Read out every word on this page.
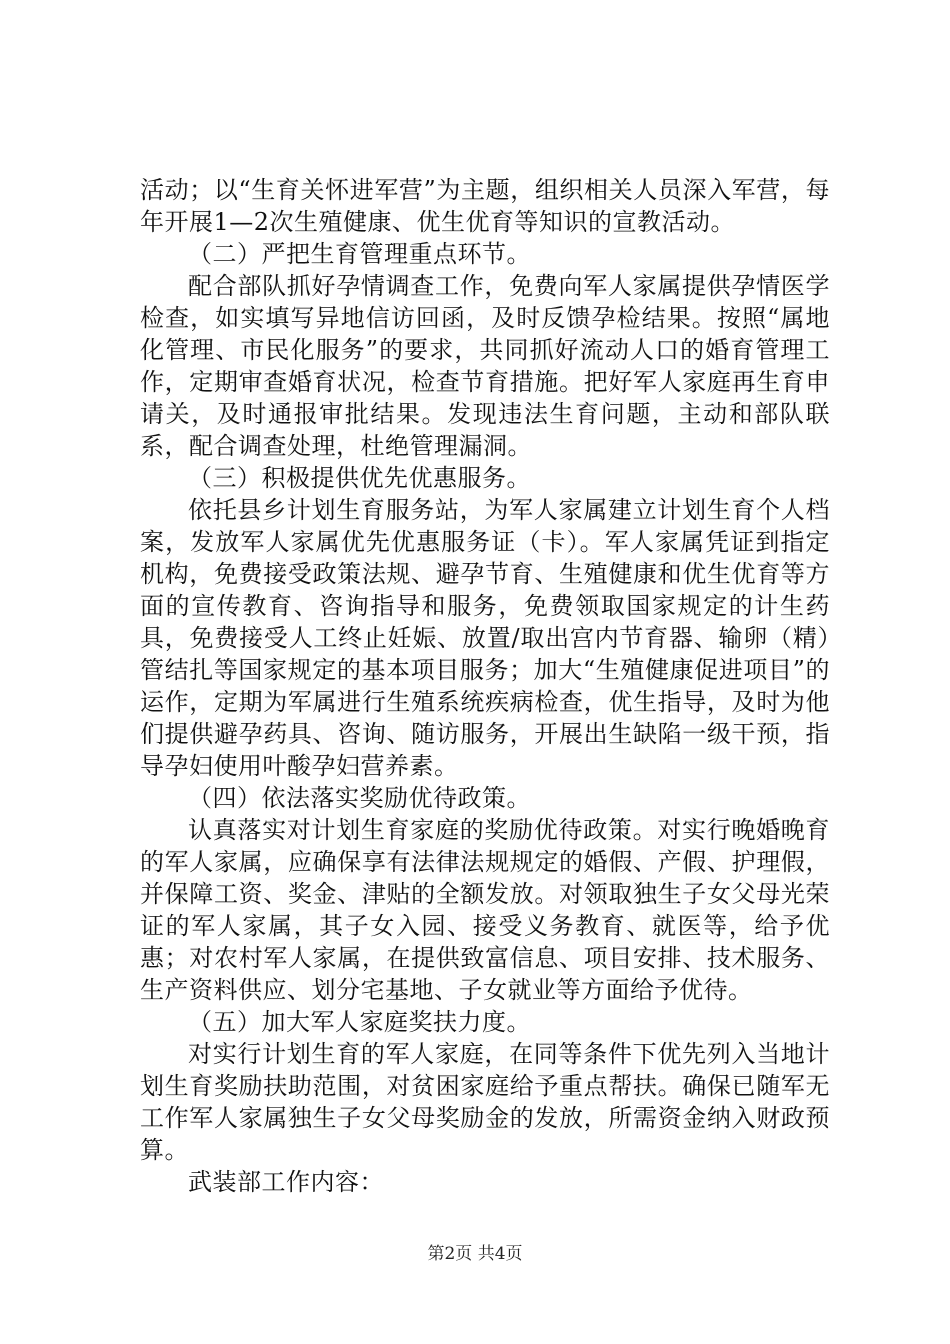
活动；以“生育关怀进军营”为主题，组织相关人员深入军营，每年开展1—2次生殖健康、优生优育等知识的宣教活动。

（二）严把生育管理重点环节。

配合部队抓好孕情调查工作，免费向军人家属提供孕情医学检查，如实填写异地信访回函，及时反馈孕检结果。按照“属地化管理、市民化服务”的要求，共同抓好流动人口的婚育管理工作，定期审查婚育状况，检查节育措施。把好军人家庭再生育申请关，及时通报审批结果。发现违法生育问题，主动和部队联系，配合调查处理，杜绝管理漏洞。

（三）积极提供优先优惠服务。

依托县乡计划生育服务站，为军人家属建立计划生育个人档案，发放军人家属优先优惠服务证（卡）。军人家属凭证到指定机构，免费接受政策法规、避孕节育、生殖健康和优生优育等方面的宣传教育、咨询指导和服务，免费领取国家规定的计生药具，免费接受人工终止妊娠、放置/取出宫内节育器、输卵（精）管结扎等国家规定的基本项目服务；加大“生殖健康促进项目”的运作，定期为军属进行生殖系统疾病检查，优生指导，及时为他们提供避孕药具、咨询、随访服务，开展出生缺陷一级干预，指导孕妇使用叶酸孕妇营养素。

（四）依法落实奖励优待政策。

认真落实对计划生育家庭的奖励优待政策。对实行晚婚晚育的军人家属，应确保享有法律法规规定的婚假、产假、护理假，并保障工资、奖金、津贴的全额发放。对领取独生子女父母光荣证的军人家属，其子女入园、接受义务教育、就医等，给予优惠；对农村军人家属，在提供致富信息、项目安排、技术服务、生产资料供应、划分宅基地、子女就业等方面给予优待。

（五）加大军人家庭奖扶力度。

对实行计划生育的军人家庭，在同等条件下优先列入当地计划生育奖励扶助范围，对贫困家庭给予重点帮扶。确保已随军无工作军人家属独生子女父母奖励金的发放，所需资金纳入财政预算。

武装部工作内容：

第2页 共4页
